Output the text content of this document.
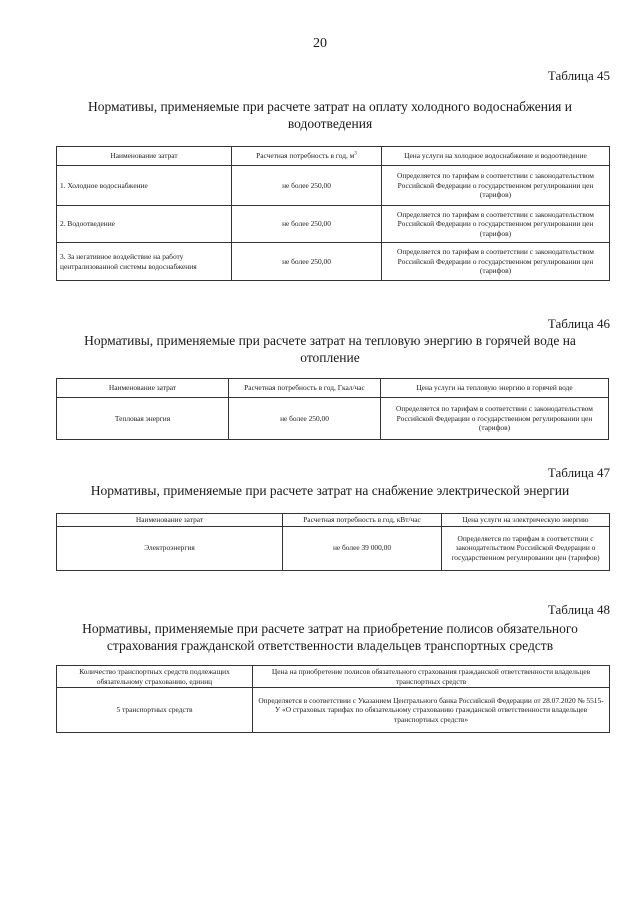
20
Таблица 45
Нормативы, применяемые при расчете затрат на оплату холодного водоснабжения и
водоотведения
Наименование затрат	Расчетная потребность в год, $м^3$	Цена услуги на холодное водоснабжение и водоотведение
1. Холодное водоснабжение	не более 250,00	Определяется по тарифам в соответствии с законодательством Российской Федерации о государственном регулировании цен (тарифов)
2. Водоотведение	не более 250,00	Определяется по тарифам в соответствии с законодательством Российской Федерации о государственном регулировании цен (тарифов)
3. За негативное воздействие на работу централизованной системы водоснабжения	не более 250,00	Определяется по тарифам в соответствии с законодательством Российской Федерации о государственном регулировании цен (тарифов)
Таблица 46
Нормативы, применяемые при расчете затрат на тепловую энергию в горячей воде на
отопление
Наименование затрат	Расчетная потребность в год, Гкал/час	Цена услуги на тепловую энергию в горячей воде
Тепловая энергия	не более 250,00	Определяется по тарифам в соответствии с законодательством Российской Федерации о государственном регулировании цен (тарифов)
Таблица 47
Нормативы, применяемые при расчете затрат на снабжение электрической энергии
Наименование затрат	Расчетная потребность в год, кВт/час	Цена услуги на электрическую энергию
Электроэнергия	не более 39 000,00	Определяется по тарифам в соответствии с законодательством Российской Федерации о государственном регулировании цен (тарифов)
Таблица 48
Нормативы, применяемые при расчете затрат на приобретение полисов обязательного
страхования гражданской ответственности владельцев транспортных средств
Количество транспортных средств подлежащих обязательному страхованию, единиц	Цена на приобретение полисов обязательного страхования гражданской ответственности владельцев транспортных средств
5 транспортных средств	Определяется в соответствии с Указанием Центрального банка Российской Федерации от 28.07.2020 № 5515-У «О страховых тарифах по обязательному страхованию гражданской ответственности владельцев транспортных средств»
